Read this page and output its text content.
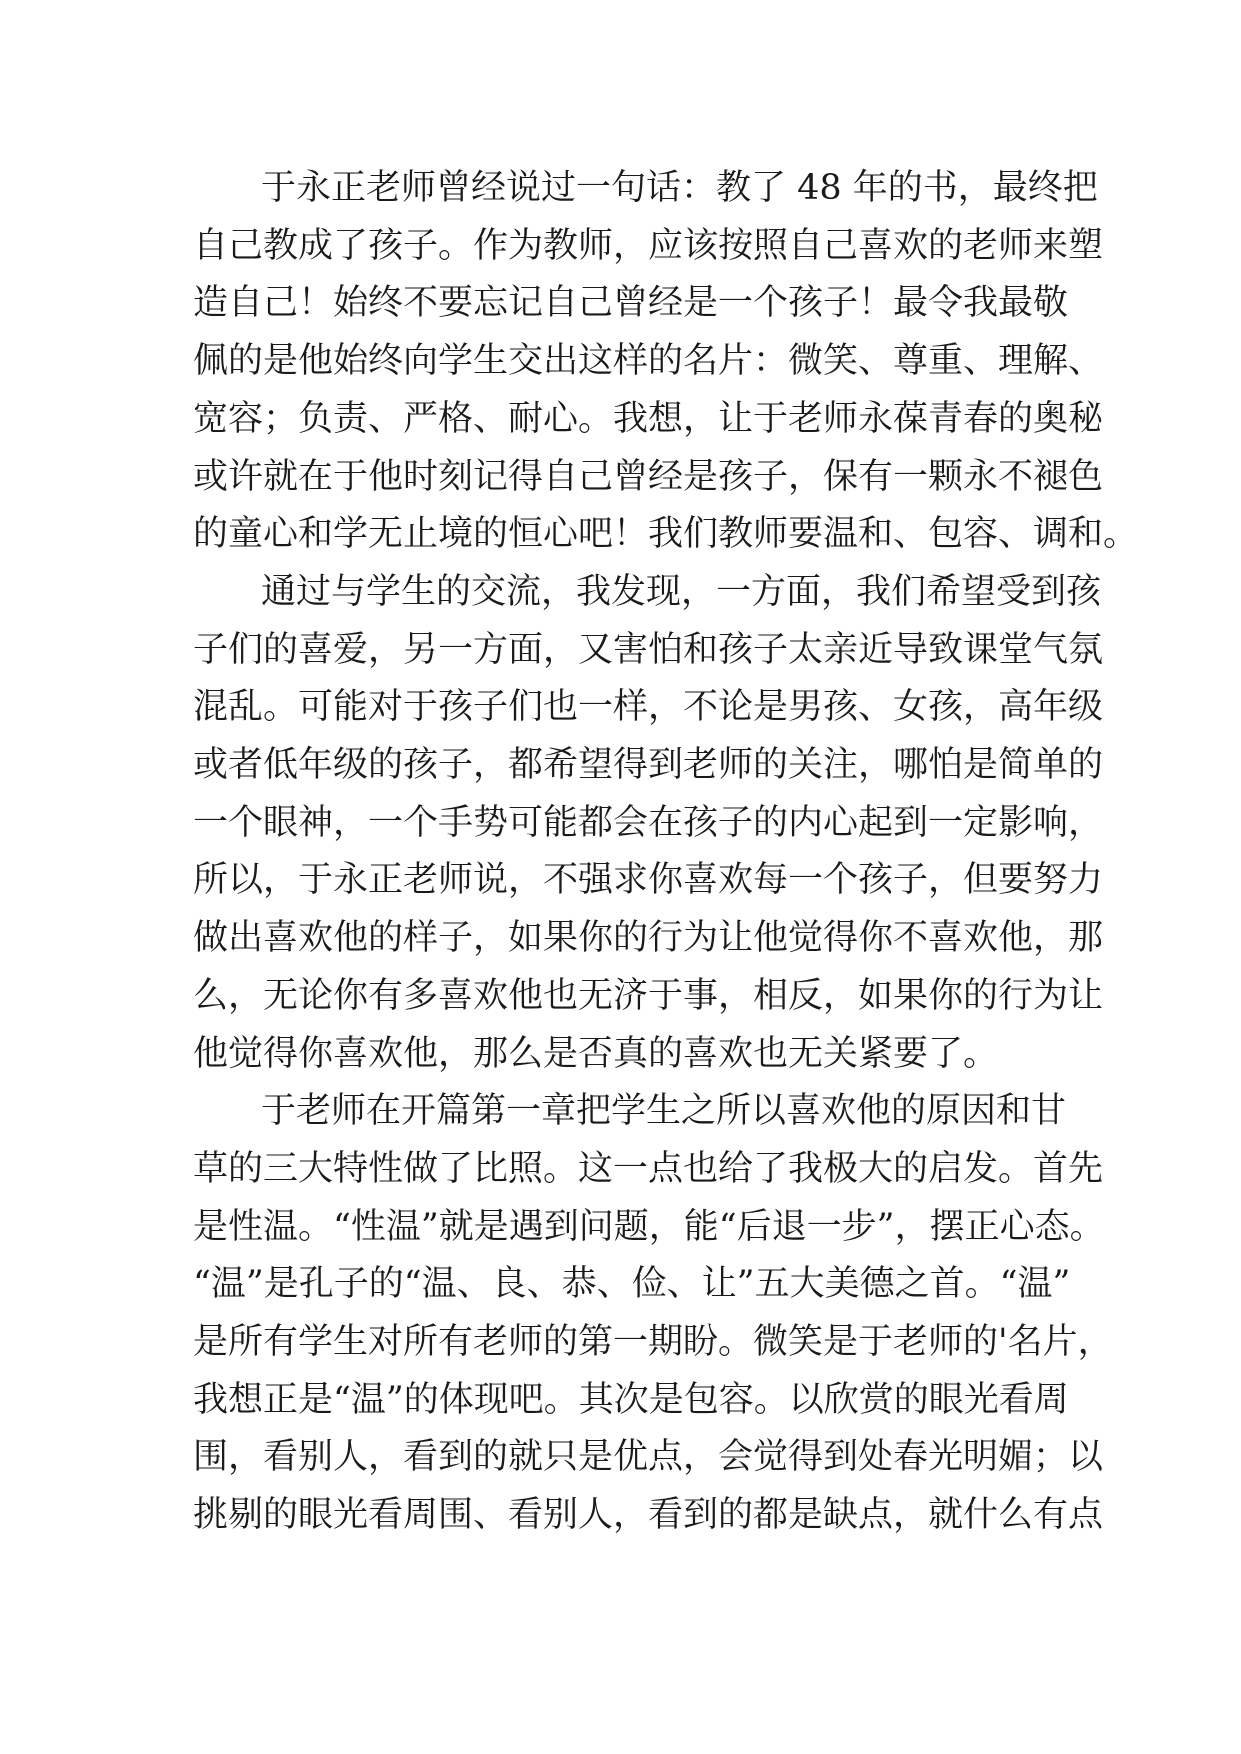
于永正老师曾经说过一句话：教了 48 年的书，最终把
自己教成了孩子。作为教师，应该按照自己喜欢的老师来塑
造自己！始终不要忘记自己曾经是一个孩子！最令我最敬
佩的是他始终向学生交出这样的名片：微笑、尊重、理解、
宽容；负责、严格、耐心。我想，让于老师永葆青春的奥秘
或许就在于他时刻记得自己曾经是孩子，保有一颗永不褪色
的童心和学无止境的恒心吧！我们教师要温和、包容、调和。

通过与学生的交流，我发现，一方面，我们希望受到孩
子们的喜爱，另一方面，又害怕和孩子太亲近导致课堂气氛
混乱。可能对于孩子们也一样，不论是男孩、女孩，高年级
或者低年级的孩子，都希望得到老师的关注，哪怕是简单的
一个眼神，一个手势可能都会在孩子的内心起到一定影响，
所以，于永正老师说，不强求你喜欢每一个孩子，但要努力
做出喜欢他的样子，如果你的行为让他觉得你不喜欢他，那
么，无论你有多喜欢他也无济于事，相反，如果你的行为让
他觉得你喜欢他，那么是否真的喜欢也无关紧要了。

于老师在开篇第一章把学生之所以喜欢他的原因和甘
草的三大特性做了比照。这一点也给了我极大的启发。首先
是性温。“性温”就是遇到问题，能“后退一步”，摆正心态。
“温”是孔子的“温、良、恭、俭、让”五大美德之首。“温”
是所有学生对所有老师的第一期盼。微笑是于老师的'名片，
我想正是“温”的体现吧。其次是包容。以欣赏的眼光看周
围，看别人，看到的就只是优点，会觉得到处春光明媚；以
挑剔的眼光看周围、看别人，看到的都是缺点，就什么有点
